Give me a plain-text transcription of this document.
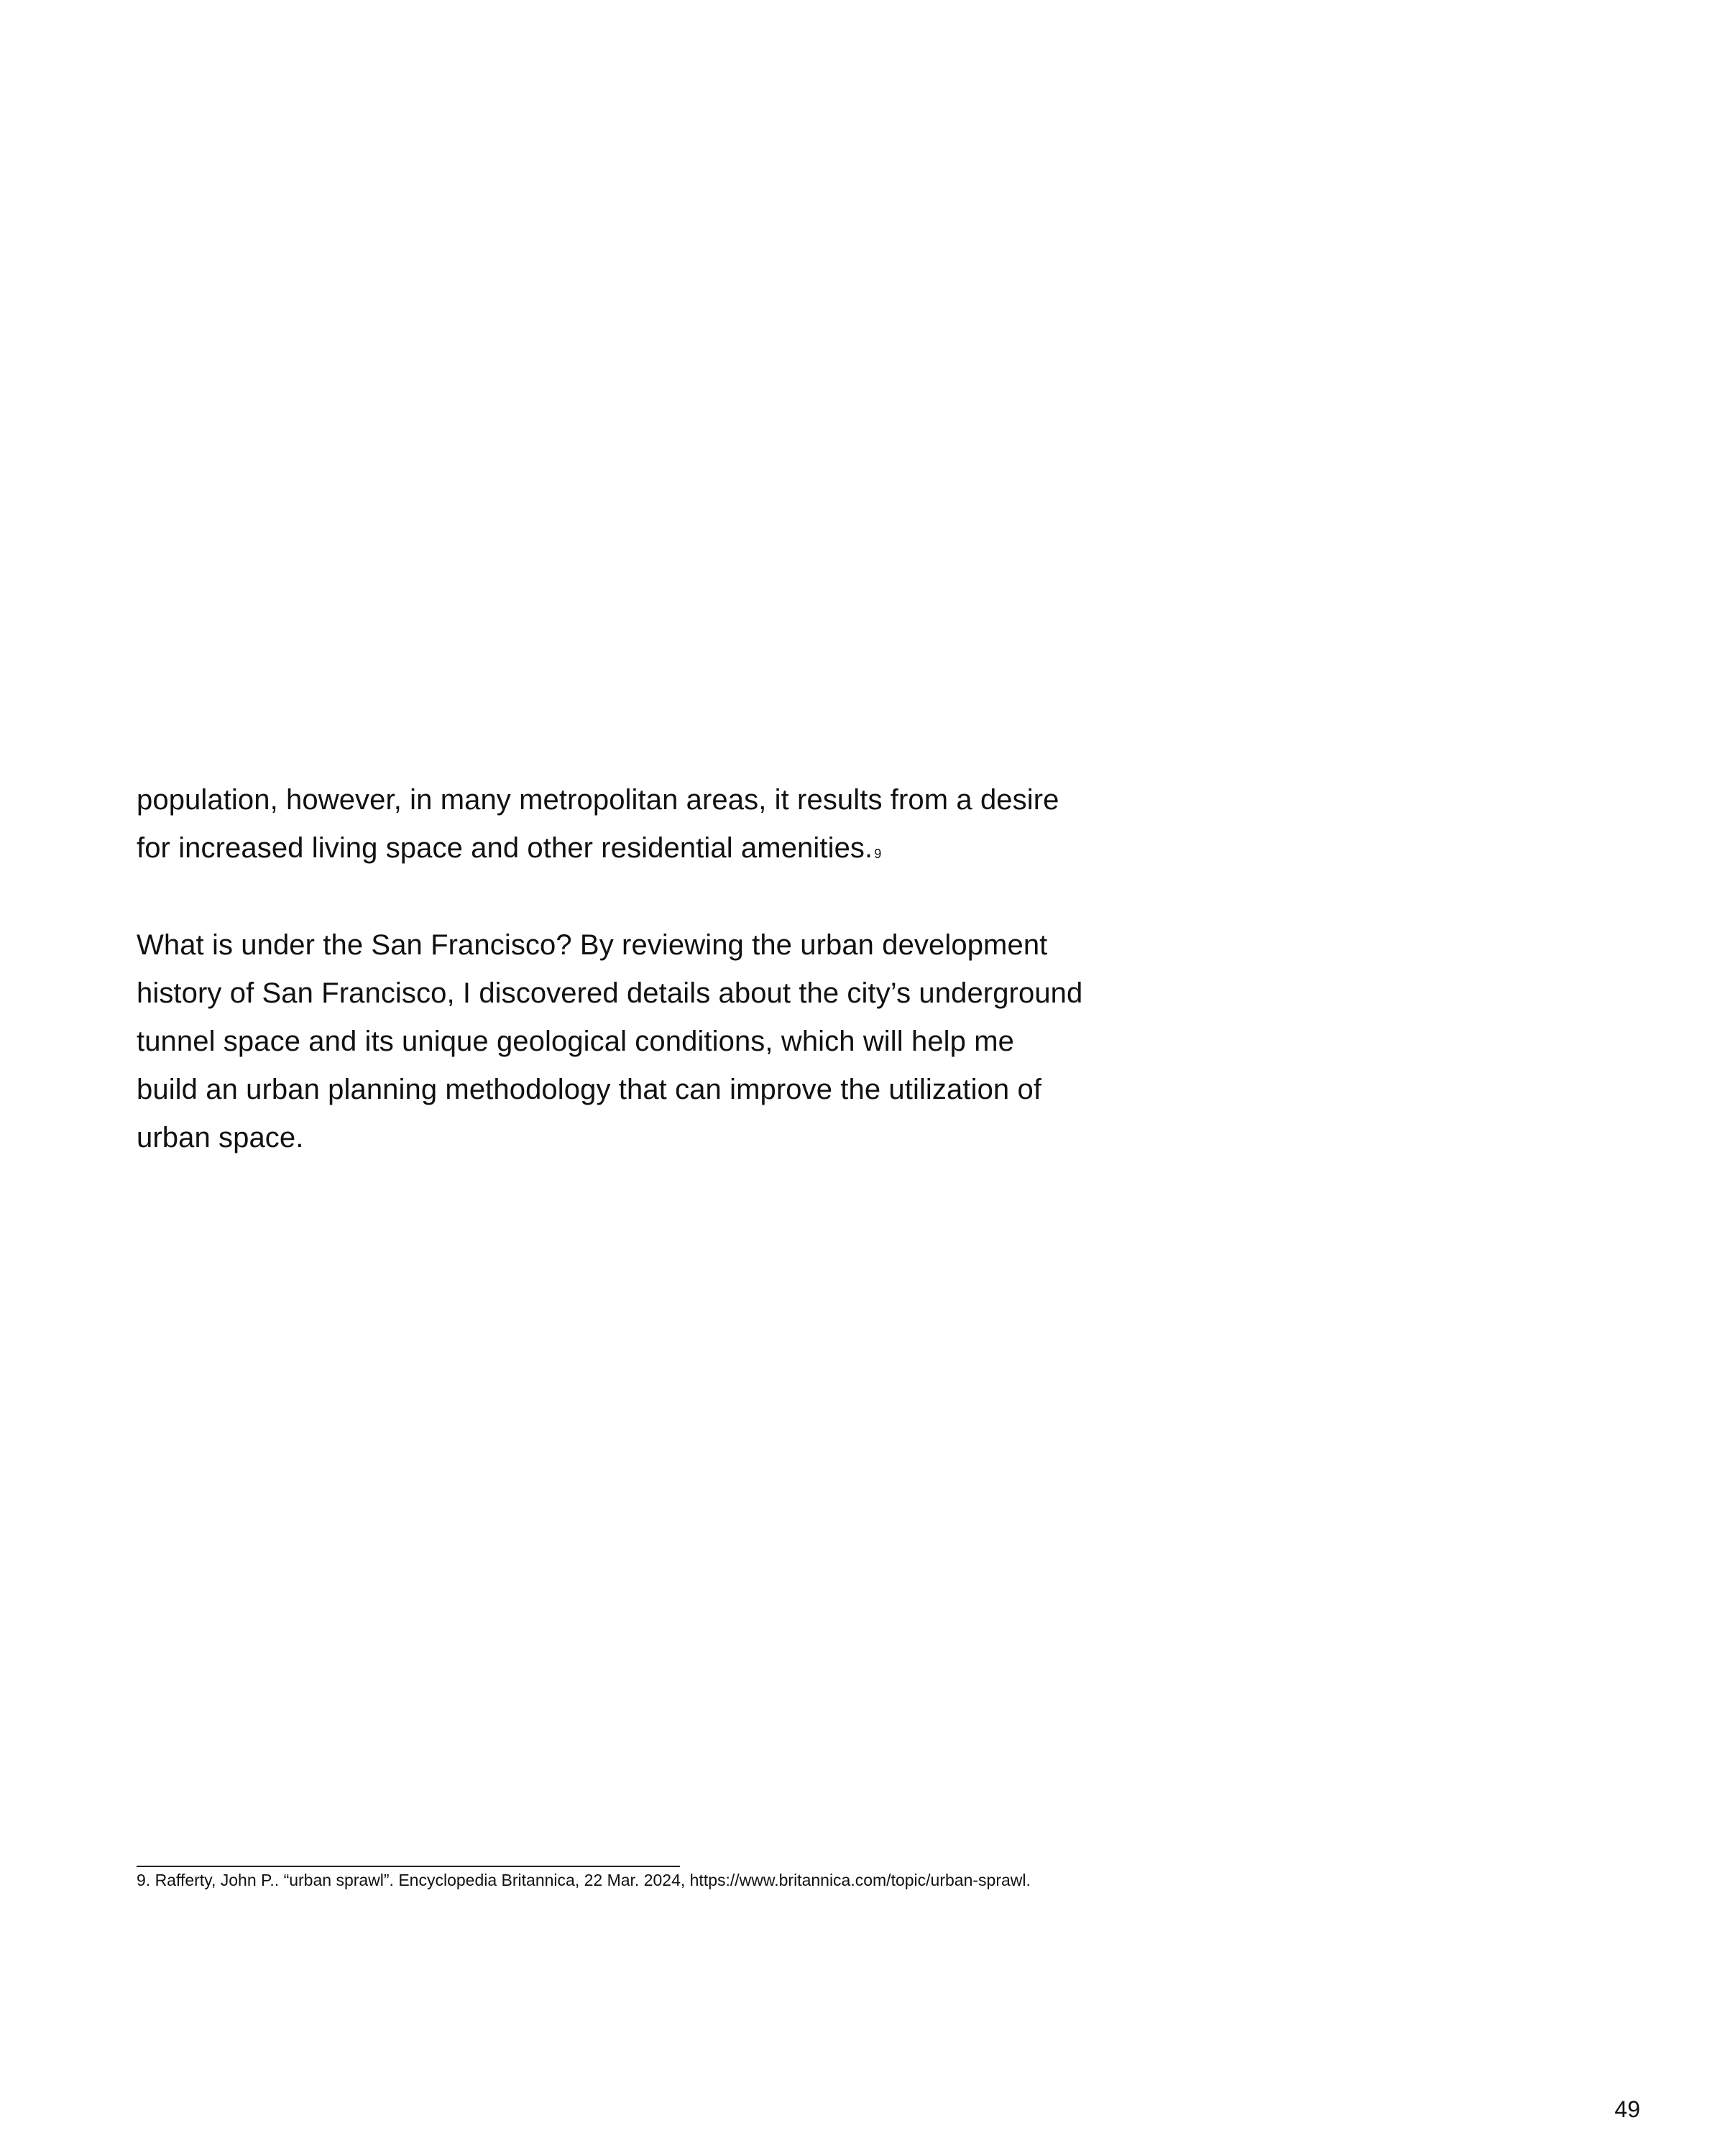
population, however, in many metropolitan areas, it results from a desire
for increased living space and other residential amenities. $^9$

What is under the San Francisco? By reviewing the urban development
history of San Francisco, I discovered details about the city’s underground
tunnel space and its unique geological conditions, which will help me
build an urban planning methodology that can improve the utilization of
urban space.

9. Rafferty, John P.. “urban sprawl”. Encyclopedia Britannica, 22 Mar. 2024, https://www.britannica.com/topic/urban-sprawl.

49
